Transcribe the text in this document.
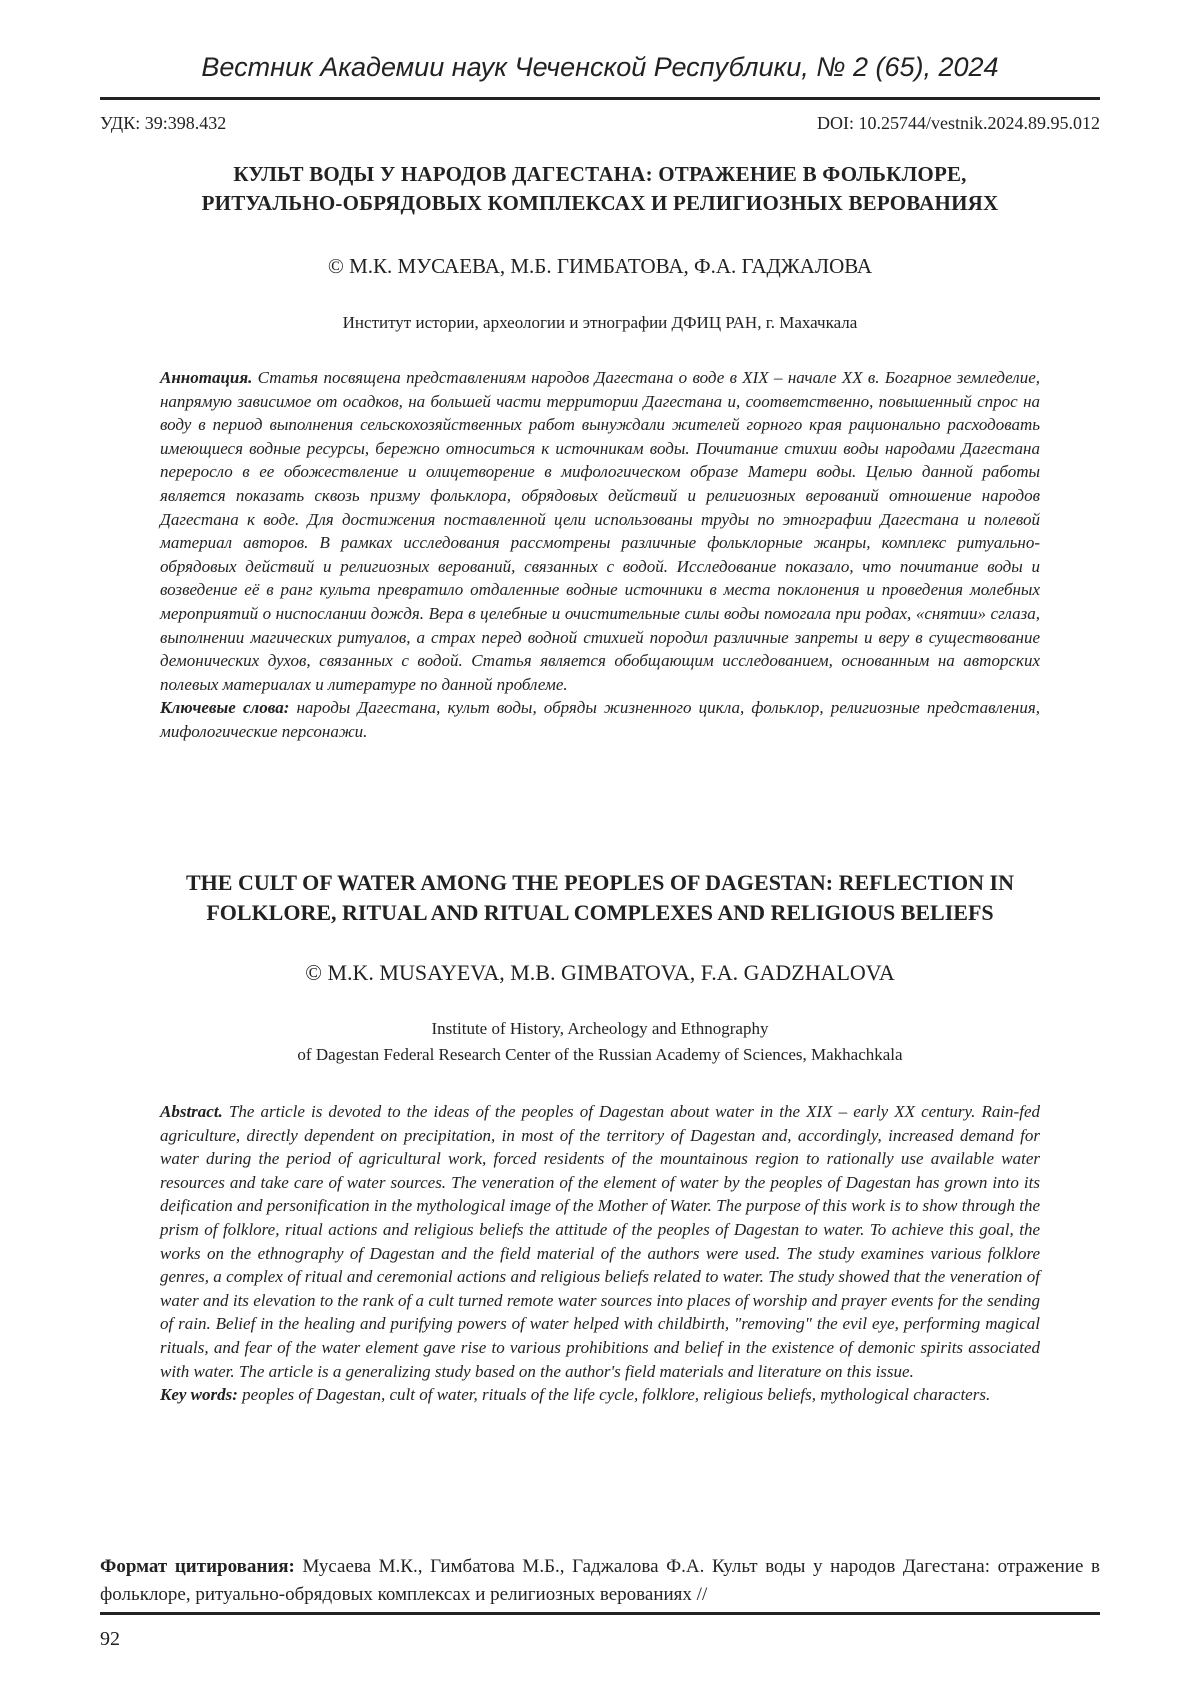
Вестник Академии наук Чеченской Республики, № 2 (65), 2024
УДК: 39:398.432	DOI: 10.25744/vestnik.2024.89.95.012
КУЛЬТ ВОДЫ У НАРОДОВ ДАГЕСТАНА: ОТРАЖЕНИЕ В ФОЛЬКЛОРЕ,
РИТУАЛЬНО-ОБРЯДОВЫХ КОМПЛЕКСАХ И РЕЛИГИОЗНЫХ ВЕРОВАНИЯХ
© М.К. МУСАЕВА, М.Б. ГИМБАТОВА, Ф.А. ГАДЖАЛОВА
Институт истории, археологии и этнографии ДФИЦ РАН, г. Махачкала

Аннотация. Статья посвящена представлениям народов Дагестана о воде в XIX – начале XX в. Богарное земледелие, напрямую зависимое от осадков, на большей части территории Дагестана и, соответственно, повышенный спрос на воду в период выполнения сельскохозяйственных работ вынуждали жителей горного края рационально расходовать имеющиеся водные ресурсы, бережно относиться к источникам воды. Почитание стихии воды народами Дагестана переросло в ее обожествление и олицетворение в мифологическом образе Матери воды. Целью данной работы является показать сквозь призму фольклора, обрядовых действий и религиозных верований отношение народов Дагестана к воде. Для достижения поставленной цели использованы труды по этнографии Дагестана и полевой материал авторов. В рамках исследования рассмотрены различные фольклорные жанры, комплекс ритуально-обрядовых действий и религиозных верований, связанных с водой. Исследование показало, что почитание воды и возведение её в ранг культа превратило отдаленные водные источники в места поклонения и проведения молебных мероприятий о ниспослании дождя. Вера в целебные и очистительные силы воды помогала при родах, «снятии» сглаза, выполнении магических ритуалов, а страх перед водной стихией породил различные запреты и веру в существование демонических духов, связанных с водой. Статья является обобщающим исследованием, основанным на авторских полевых материалах и литературе по данной проблеме.

Ключевые слова: народы Дагестана, культ воды, обряды жизненного цикла, фольклор, религиозные представления, мифологические персонажи.

THE CULT OF WATER AMONG THE PEOPLES OF DAGESTAN: REFLECTION IN
FOLKLORE, RITUAL AND RITUAL COMPLEXES AND RELIGIOUS BELIEFS
© M.K. MUSAYEVA, M.B. GIMBATOVA, F.A. GADZHALOVA
Institute of History, Archeology and Ethnography
of Dagestan Federal Research Center of the Russian Academy of Sciences, Makhachkala

Abstract. The article is devoted to the ideas of the peoples of Dagestan about water in the XIX – early XX century. Rain-fed agriculture, directly dependent on precipitation, in most of the territory of Dagestan and, accordingly, increased demand for water during the period of agricultural work, forced residents of the mountainous region to rationally use available water resources and take care of water sources. The veneration of the element of water by the peoples of Dagestan has grown into its deification and personification in the mythological image of the Mother of Water. The purpose of this work is to show through the prism of folklore, ritual actions and religious beliefs the attitude of the peoples of Dagestan to water. To achieve this goal, the works on the ethnography of Dagestan and the field material of the authors were used. The study examines various folklore genres, a complex of ritual and ceremonial actions and religious beliefs related to water. The study showed that the veneration of water and its elevation to the rank of a cult turned remote water sources into places of worship and prayer events for the sending of rain. Belief in the healing and purifying powers of water helped with childbirth, "removing" the evil eye, performing magical rituals, and fear of the water element gave rise to various prohibitions and belief in the existence of demonic spirits associated with water. The article is a generalizing study based on the author's field materials and literature on this issue.

Key words: peoples of Dagestan, cult of water, rituals of the life cycle, folklore, religious beliefs, mythological characters.

Формат цитирования: Мусаева М.К., Гимбатова М.Б., Гаджалова Ф.А. Культ воды у народов Дагестана: отражение в фольклоре, ритуально-обрядовых комплексах и религиозных верованиях //
92
